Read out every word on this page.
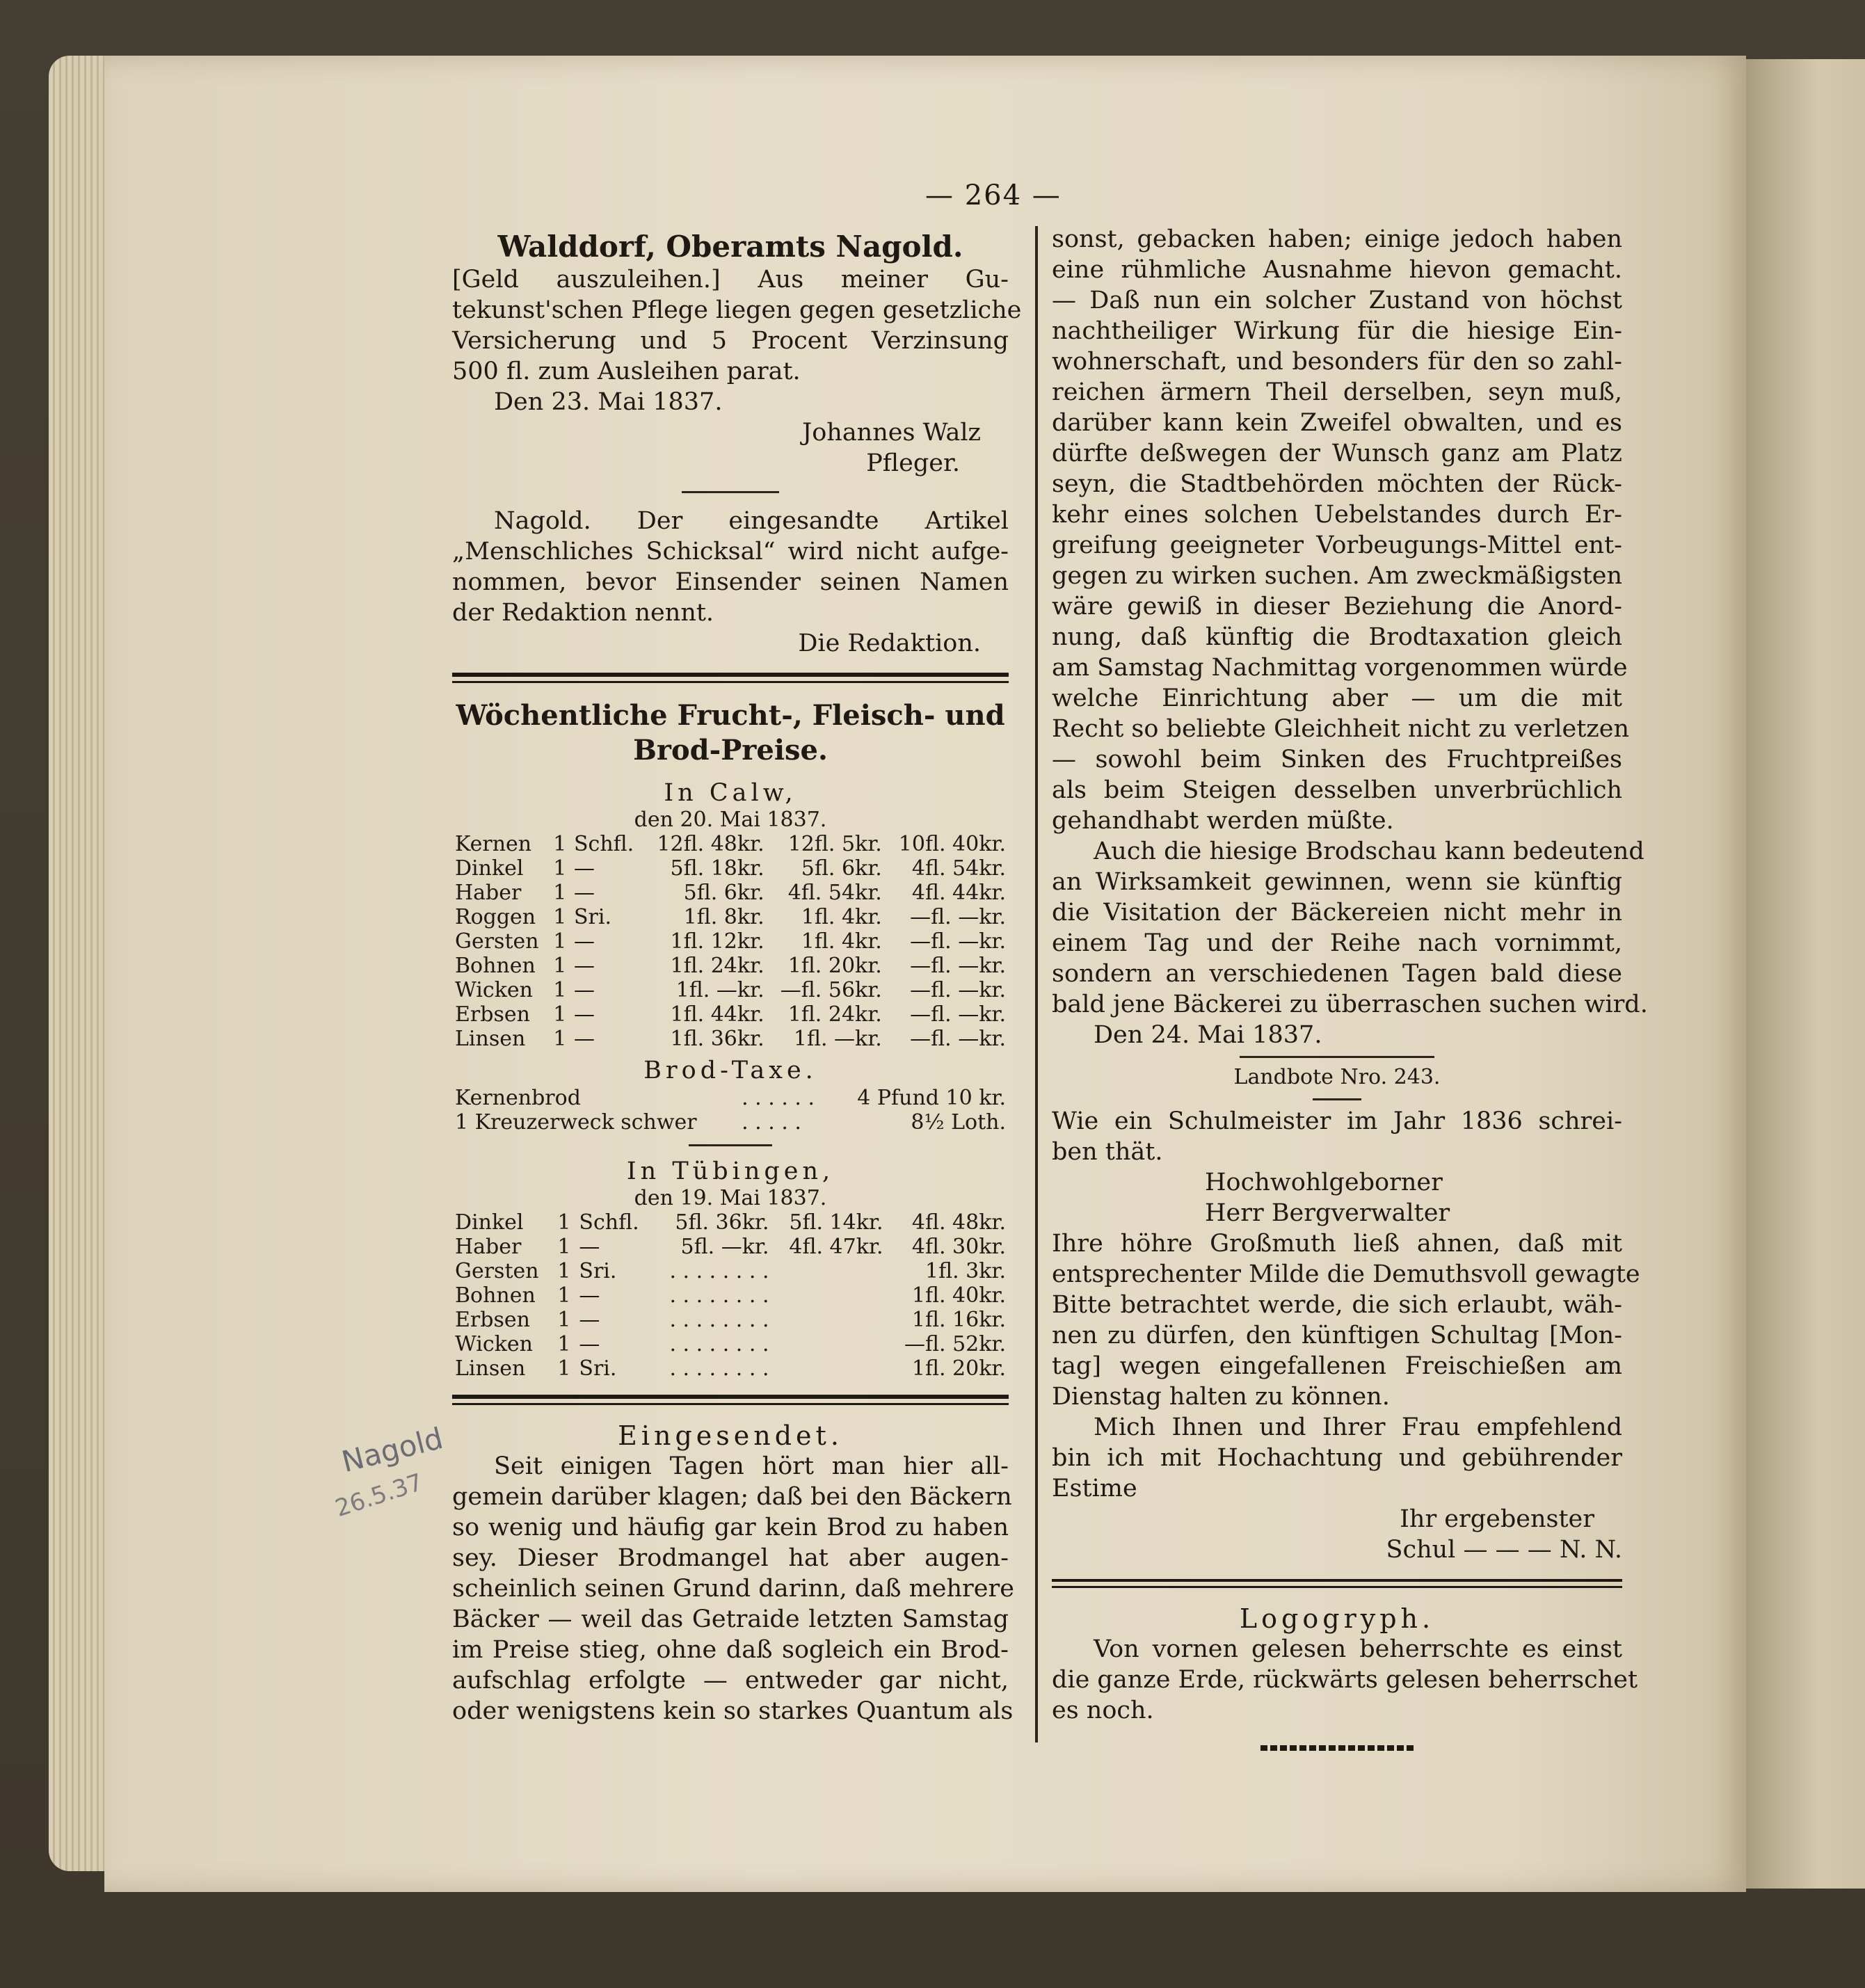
— 264 —
Nagold
26.5.37
Walddorf, Oberamts Nagold.
[Geld auszuleihen.] Aus meiner Gu-
tekunst'schen Pflege liegen gegen gesetzliche
Versicherung und 5 Procent Verzinsung
500 fl. zum Ausleihen parat.
Den 23. Mai 1837.
Johannes Walz
Pfleger.
Nagold. Der eingesandte Artikel
„Menschliches Schicksal“ wird nicht aufge-
nommen, bevor Einsender seinen Namen
der Redaktion nennt.
Die Redaktion.
Wöchentliche Frucht-, Fleisch- und
Brod-Preise.
In Calw,
den 20. Mai 1837.
Kernen	1	Schfl.	12fl. 48kr.	12fl. 5kr.	10fl. 40kr.
Dinkel	1	—	5fl. 18kr.	5fl. 6kr.	4fl. 54kr.
Haber	1	—	5fl. 6kr.	4fl. 54kr.	4fl. 44kr.
Roggen	1	Sri.	1fl. 8kr.	1fl. 4kr.	—fl. —kr.
Gersten	1	—	1fl. 12kr.	1fl. 4kr.	—fl. —kr.
Bohnen	1	—	1fl. 24kr.	1fl. 20kr.	—fl. —kr.
Wicken	1	—	1fl. —kr.	—fl. 56kr.	—fl. —kr.
Erbsen	1	—	1fl. 44kr.	1fl. 24kr.	—fl. —kr.
Linsen	1	—	1fl. 36kr.	1fl. —kr.	—fl. —kr.
Brod-Taxe.
Kernenbrod	. . . . . .	4 Pfund 10 kr.
1 Kreuzerweck schwer	. . . . .	8½ Loth.
In Tübingen,
den 19. Mai 1837.
Dinkel	1	Schfl.	5fl. 36kr.	5fl. 14kr.	4fl. 48kr.
Haber	1	—	5fl. —kr.	4fl. 47kr.	4fl. 30kr.
Gersten	1	Sri.	. . . . . . . .		1fl. 3kr.
Bohnen	1	—	. . . . . . . .		1fl. 40kr.
Erbsen	1	—	. . . . . . . .		1fl. 16kr.
Wicken	1	—	. . . . . . . .		—fl. 52kr.
Linsen	1	Sri.	. . . . . . . .		1fl. 20kr.
Eingesendet.
Seit einigen Tagen hört man hier all-
gemein darüber klagen; daß bei den Bäckern
so wenig und häufig gar kein Brod zu haben
sey. Dieser Brodmangel hat aber augen-
scheinlich seinen Grund darinn, daß mehrere
Bäcker — weil das Getraide letzten Samstag
im Preise stieg, ohne daß sogleich ein Brod-
aufschlag erfolgte — entweder gar nicht,
oder wenigstens kein so starkes Quantum als
sonst, gebacken haben; einige jedoch haben
eine rühmliche Ausnahme hievon gemacht.
— Daß nun ein solcher Zustand von höchst
nachtheiliger Wirkung für die hiesige Ein-
wohnerschaft, und besonders für den so zahl-
reichen ärmern Theil derselben, seyn muß,
darüber kann kein Zweifel obwalten, und es
dürfte deßwegen der Wunsch ganz am Platz
seyn, die Stadtbehörden möchten der Rück-
kehr eines solchen Uebelstandes durch Er-
greifung geeigneter Vorbeugungs-Mittel ent-
gegen zu wirken suchen. Am zweckmäßigsten
wäre gewiß in dieser Beziehung die Anord-
nung, daß künftig die Brodtaxation gleich
am Samstag Nachmittag vorgenommen würde
welche Einrichtung aber — um die mit
Recht so beliebte Gleichheit nicht zu verletzen
— sowohl beim Sinken des Fruchtpreißes
als beim Steigen desselben unverbrüchlich
gehandhabt werden müßte.
Auch die hiesige Brodschau kann bedeutend
an Wirksamkeit gewinnen, wenn sie künftig
die Visitation der Bäckereien nicht mehr in
einem Tag und der Reihe nach vornimmt,
sondern an verschiedenen Tagen bald diese
bald jene Bäckerei zu überraschen suchen wird.
Den 24. Mai 1837.
Landbote Nro. 243.
Wie ein Schulmeister im Jahr 1836 schrei-
ben thät.
Hochwohlgeborner
Herr Bergverwalter
Ihre höhre Großmuth ließ ahnen, daß mit
entsprechenter Milde die Demuthsvoll gewagte
Bitte betrachtet werde, die sich erlaubt, wäh-
nen zu dürfen, den künftigen Schultag [Mon-
tag] wegen eingefallenen Freischießen am
Dienstag halten zu können.
Mich Ihnen und Ihrer Frau empfehlend
bin ich mit Hochachtung und gebührender
Estime
Ihr ergebenster
Schul — — — N. N.
Logogryph.
Von vornen gelesen beherrschte es einst
die ganze Erde, rückwärts gelesen beherrschet
es noch.
